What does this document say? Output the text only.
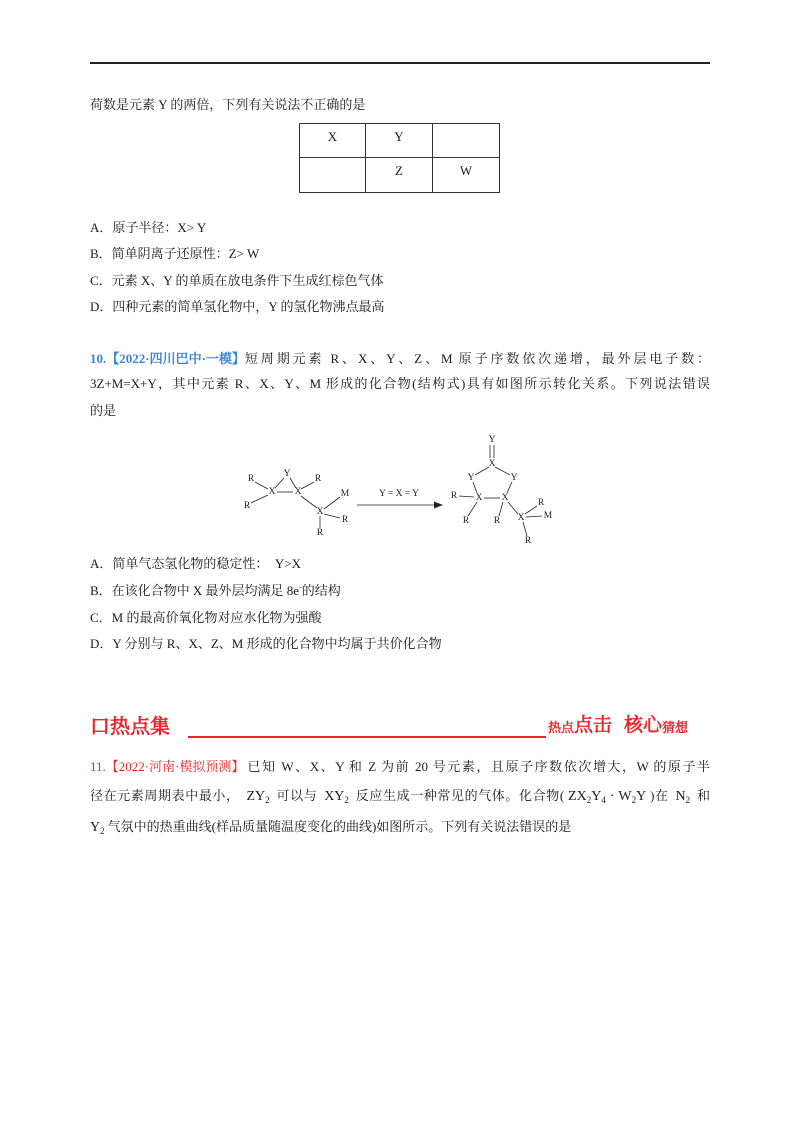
荷数是元素 Y 的两倍，下列有关说法不正确的是
X	Y	
	Z	W
A．原子半径：X> Y
B．简单阴离子还原性：Z> W
C．元素 X、Y 的单质在放电条件下生成红棕色气体
D．四种元素的简单氢化物中，Y 的氢化物沸点最高
10.【2022·四川巴中·一模】 短周期元素 R、X、Y、Z、M 原子序数依次递增，最外层电子数：
3Z+M=X+Y，其中元素 R、X、Y、M 形成的化合物(结构式)具有如图所示转化关系。下列说法错误
的是
R
X
Y
X
R
R
X
M
R
R
Y = X = Y
Y
X
Y	Y
R X X
R	R X
R
M
R
A．简单气态氢化物的稳定性：  Y>X
B．在该化合物中 X 最外层均满足 8e-的结构
C．M 的最高价氧化物对应水化物为强酸
D．Y 分别与 R、X、Z、M 形成的化合物中均属于共价化合物
口热点集	热点 点击 核心 猜想
11.【2022·河南·模拟预测】 已知 W、X、Y 和 Z 为前 20 号元素，且原子序数依次增大，W 的原子半
径在元素周期表中最小， $ZY_2$ 可以与 $XY_2$ 反应生成一种常见的气体。化合物( $ZX_2Y_4 \cdot W_2Y$ )在 $N_2$ 和
$Y_2$ 气氛中的热重曲线(样品质量随温度变化的曲线)如图所示。下列有关说法错误的是
